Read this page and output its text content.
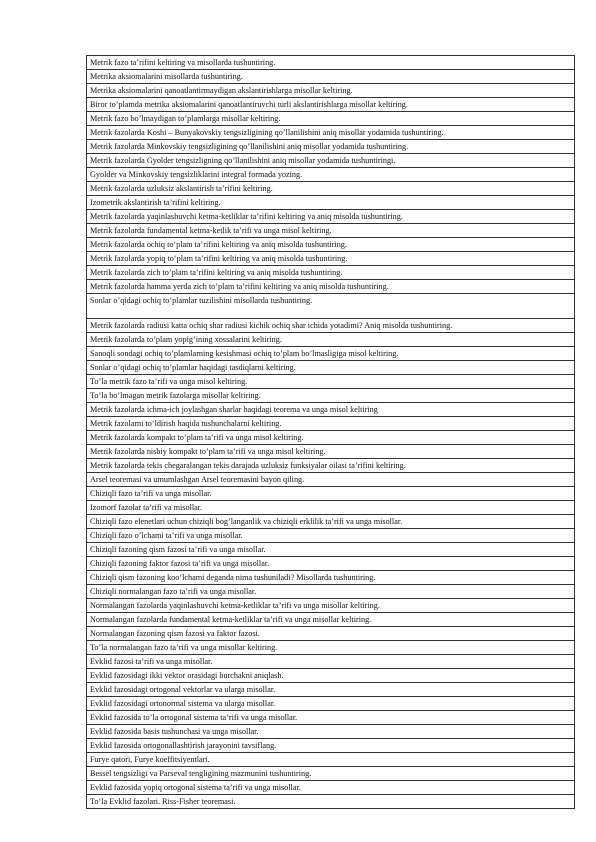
Metrik fazo ta’rifini keltiring va misollarda tushuntiring.
Metrika aksiomalarini misollarda tushuntiring.
Metrika aksiomalarini qanoatlantirmaydigan akslantirishlarga misollar keltiring.
Biror to’plamda metrika aksiomalarini qanoatlantiruvchi turli akslantirishlarga misollar keltiring.
Metrik fazo bo’lmaydigan to’plamlarga misollar keltiring.
Metrik fazolarda Koshi – Bunyakovskiy tengsizligining qo’llanilishini aniq misollar yodamida tushuntiring.
Metrik fazolarda Minkovskiy tengsizligining qo’llanilishini aniq misollar yodamida tushuntiring.
Metrik fazolarda Gyolder tengsizligning qo’llanilishini aniq misollar yodamida tushuntiringi.
Gyolder va Minkovskiy tengsizliklarini integral formada yozing.
Metrik fazolarda uzluksiz akslantirish ta’rifini keltiring.
Izometrik akslantirish ta’rifini keltiring.
Metrik fazolarda yaqinlashuvchi ketma-ketliklar ta’rifini keltiring va aniq misolda tushuntiring.
Metrik fazolarda fundamental ketma-ketlik ta’rifi va unga misol keltiring.
Metrik fazolarda ochiq to‘plam ta’rifini keltiring va aniq misolda tushuntiring.
Metrik fazolarda yopiq to‘plam ta’rifini keltiring va aniq misolda tushuntiring.
Metrik fazolarda zich to’plam ta’rifini keltiring va aniq misolda tushuntiring.
Metrik fazolarda hamma yerda zich to’plam ta’rifini keltiring va aniq misolda tushuntiring.
Sonlar o’qidagi ochiq to’plamlar tuzilishini misollarda tushuntiring.
Metrik fazolarda radiusi katta ochiq shar radiusi kichik ochiq shar ichida yotadimi? Aniq misolda tushuntiring.
Metrik fazolarda to’plam yopig’ining xossalarini keltiring.
Sanoqli sondagi ochiq to’plamlarning kesishmasi ochiq to’plam bo’lmasligiga misol keltiring.
Sonlar o’qidagi ochiq to’plamlar haqidagi tasdiqlarni keltiring.
To’la metrik fazo ta’rifi va unga misol keltiring.
To’la bo’lmagan metrik fazolarga misollar keltiring.
Metrik fazolarda ichma-ich joylashgan sharlar haqidagi teorema va unga misol keltiring
Metrik fazolarni to‘ldirish haqida tushunchalarni keltiring.
Metrik fazolarda kompakt to’plam ta’rifi va unga misol keltiring.
Metrik fazolarda nisbiy kompakt to’plam ta’rifi va unga misol keltiring.
Metrik fazolarda tekis chegaralangan tekis darajada uzluksiz funksiyalar oilasi ta’rifini keltiring.
Arsel teoremasi va umumlashgan Arsel teoremasini bayon qiling.
Chiziqli fazo ta’rifi va unga misollar.
Izomorf fazolar ta’rifi va misollar.
Chiziqli fazo elenetlari uchun chiziqli bog’langanlik va chiziqli erklilik ta’rifi va unga misollar.
Chiziqli fazo o’lchami ta’rifi va unga misollar.
Chiziqli fazoning qism fazosi ta’rifi va unga misollar.
Chiziqli fazoning faktor fazosi ta’rifi va unga misollar.
Chiziqli qism fazoning koo‘lchami deganda nima tushuniladi? Misollarda tushuntiring.
Chiziqli normalangan fazo ta’rifi va unga misollar.
Normalangan fazolarda yaqinlashuvchi ketma-ketliklar ta’rifi va unga misollar keltiring.
Normalangan fazolarda fundamental ketma-ketliklar ta’rifi va unga misollar keltiring.
Normalangan fazoning qism fazosi va faktor fazosi.
To’la normalangan fazo ta’rifi va unga misollar keltiring.
Evklid fazosi ta’rifi va unga misollar.
Evklid fazosidagi ikki vektor orasidagi burchakni aniqlash.
Evklid fazosidagi ortogonal vektorlar va ularga misollar.
Evklid fazosidagi ortonormal sistema va ularga misollar.
Evklid fazosida to’la ortogonal sistema ta’rifi va unga misollar.
Evklid fazosida basis tushunchasi va unga misollar.
Evklid fazosida ortogonallashtirish jarayonini tavsiflang.
Furye qatori, Furye koeffitsiyentlari.
Bessel tengsizligi va Parseval tengligining mazmunini tushuntiring.
Evklid fazosida yopiq ortogonal sistema ta’rifi va unga misollar.
To‘la Evklid fazolari. Riss-Fisher teoremasi.
